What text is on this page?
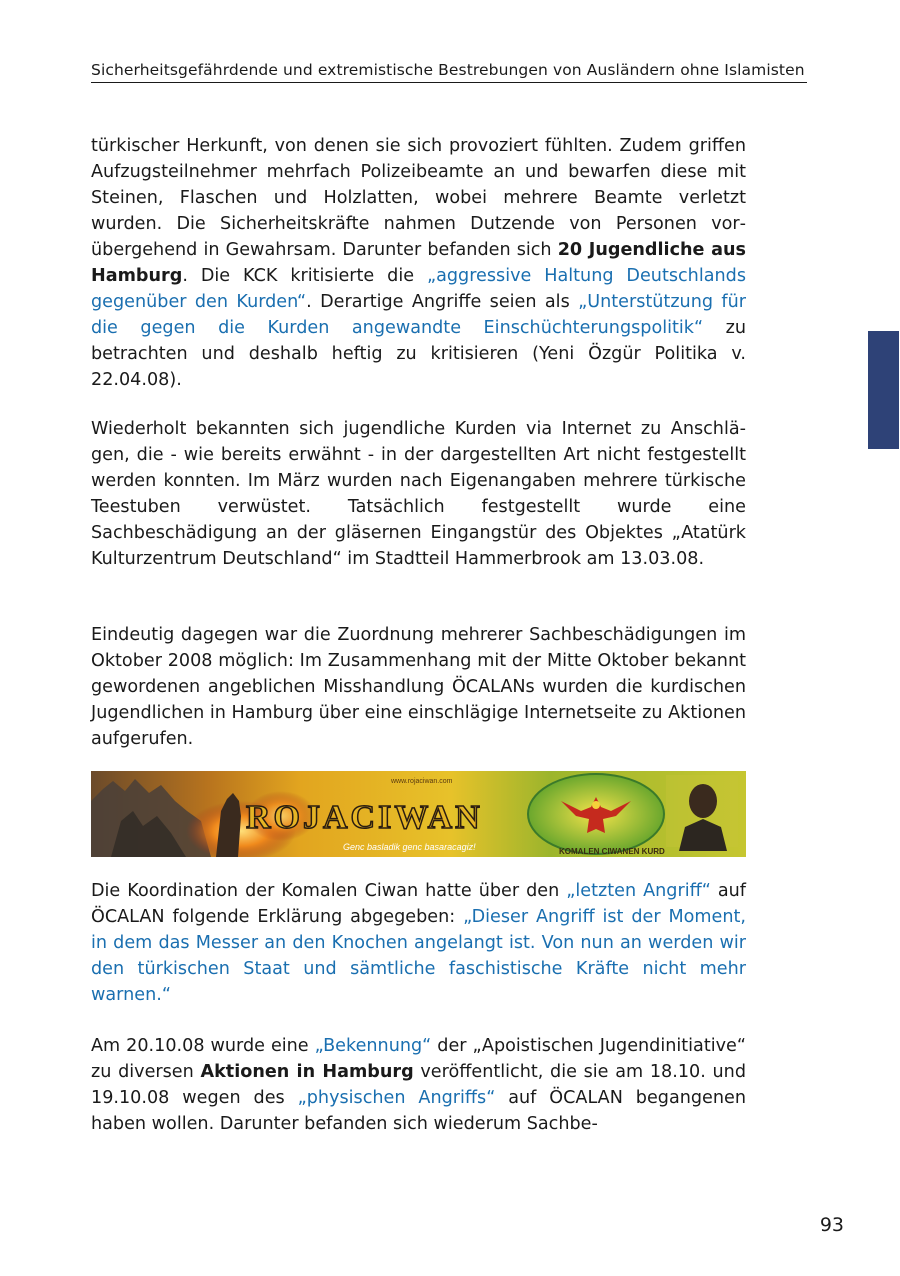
Sicherheitsgefährdende und extremistische Bestrebungen von Ausländern ohne Islamisten

türkischer Herkunft, von denen sie sich provoziert fühlten. Zudem griffen Aufzugsteilnehmer mehrfach Polizeibeamte an und bewarfen diese mit Steinen, Flaschen und Holzlatten, wobei mehrere Beamte verletzt wurden. Die Sicherheitskräfte nahmen Dutzende von Personen vorübergehend in Gewahrsam. Darunter befanden sich 20 Jugendliche aus Hamburg. Die KCK kritisierte die „aggressive Haltung Deutschlands gegenüber den Kurden“. Derartige Angriffe seien als „Unterstützung für die gegen die Kurden angewandte Einschüchterungspolitik“ zu betrachten und deshalb heftig zu kritisieren (Yeni Özgür Politika v. 22.04.08).

Wiederholt bekannten sich jugendliche Kurden via Internet zu Anschlägen, die - wie bereits erwähnt - in der dargestellten Art nicht festgestellt werden konnten. Im März wurden nach Eigenangaben mehrere türkische Teestuben verwüstet. Tatsächlich festgestellt wurde eine Sachbeschädigung an der gläsernen Eingangstür des Objektes „Atatürk Kulturzentrum Deutschland“ im Stadtteil Hammerbrook am 13.03.08.

Eindeutig dagegen war die Zuordnung mehrerer Sachbeschädigungen im Oktober 2008 möglich: Im Zusammenhang mit der Mitte Oktober bekannt gewordenen angeblichen Misshandlung ÖCALANs wurden die kurdischen Jugendlichen in Hamburg über eine einschlägige Internetseite zu Aktionen aufgerufen.

www.rojaciwan.com
ROJACIWAN
Genc basladik genc basaracagiz!	KOMALEN CIWANEN KURD

Die Koordination der Komalen Ciwan hatte über den „letzten Angriff“ auf ÖCALAN folgende Erklärung abgegeben: „Dieser Angriff ist der Moment, in dem das Messer an den Knochen angelangt ist. Von nun an werden wir den türkischen Staat und sämtliche faschistische Kräfte nicht mehr warnen.“

Am 20.10.08 wurde eine „Bekennung“ der „Apoistischen Jugendinitiative“ zu diversen Aktionen in Hamburg veröffentlicht, die sie am 18.10. und 19.10.08 wegen des „physischen Angriffs“ auf ÖCALAN begangenen haben wollen. Darunter befanden sich wiederum Sachbe-

93
